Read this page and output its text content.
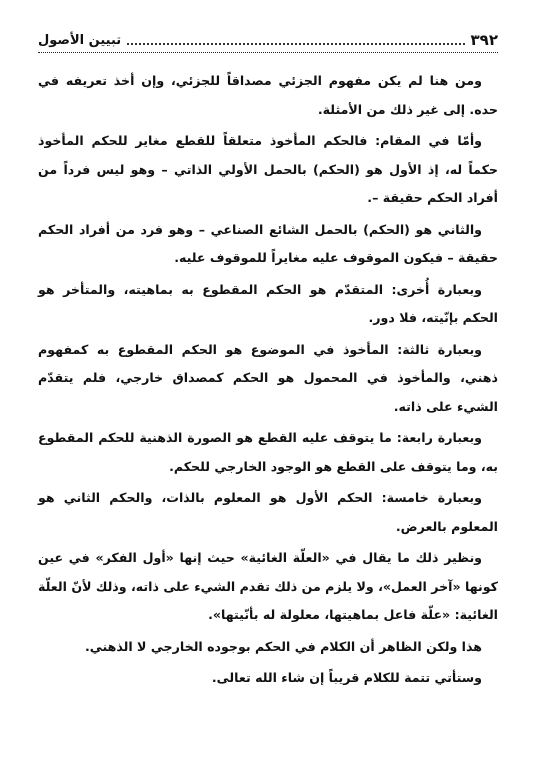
٣٩٢
تبيين الأصول

ومن هنا لم يكن مفهوم الجزئي مصداقاً للجزئي، وإن أخذ تعريفه في حده. إلى غير ذلك من الأمثلة.

وأمّا في المقام: فالحكم المأخوذ متعلقاً للقطع مغاير للحكم المأخوذ حكماً له، إذ الأول هو (الحكم) بالحمل الأولي الذاتي – وهو ليس فرداً من أفراد الحكم حقيقة –.

والثاني هو (الحكم) بالحمل الشائع الصناعي – وهو فرد من أفراد الحكم حقيقة – فيكون الموقوف عليه مغايراً للموقوف عليه.

وبعبارة أُخرى: المتقدّم هو الحكم المقطوع به بماهيته، والمتأخر هو الحكم بإنّيته، فلا دور.

وبعبارة ثالثة: المأخوذ في الموضوع هو الحكم المقطوع به كمفهوم ذهني، والمأخوذ في المحمول هو الحكم كمصداق خارجي، فلم يتقدّم الشيء على ذاته.

وبعبارة رابعة: ما يتوقف عليه القطع هو الصورة الذهنية للحكم المقطوع به، وما يتوقف على القطع هو الوجود الخارجي للحكم.

وبعبارة خامسة: الحكم الأول هو المعلوم بالذات، والحكم الثاني هو المعلوم بالعرض.

ونظير ذلك ما يقال في «العلّة الغائية» حيث إنها «أول الفكر» في عين كونها «آخر العمل»، ولا يلزم من ذلك تقدم الشيء على ذاته، وذلك لأنّ العلّة الغائية: «علّة فاعل بماهيتها، معلولة له بأنّيتها».

هذا ولكن الظاهر أن الكلام في الحكم بوجوده الخارجي لا الذهني.

وستأتي تتمة للكلام قريباً إن شاء الله تعالى.
